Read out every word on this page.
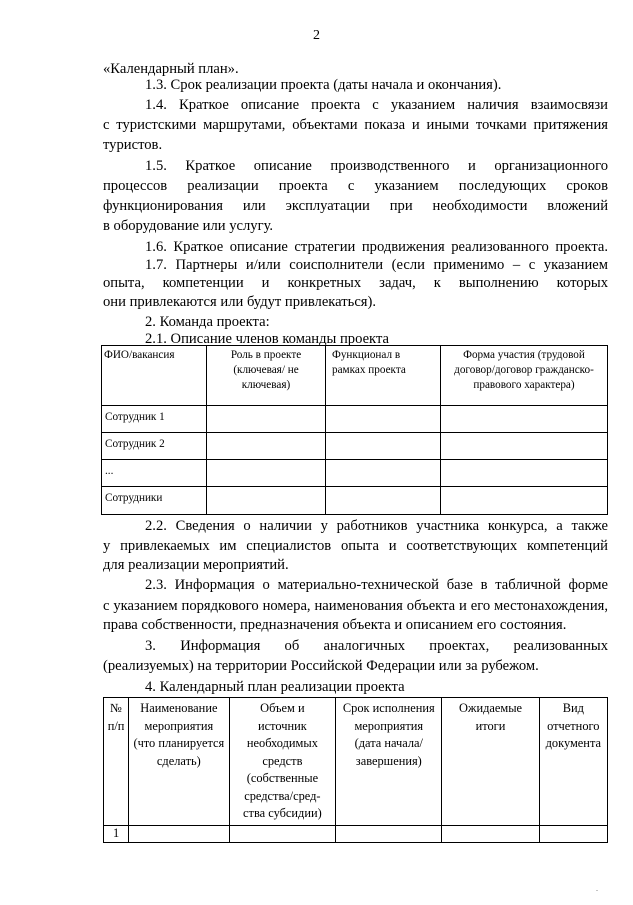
2
«Календарный план».
1.3. Срок реализации проекта (даты начала и окончания).
1.4. Краткое описание проекта с указанием наличия взаимосвязи
с туристскими маршрутами, объектами показа и иными точками притяжения
туристов.
1.5. Краткое описание производственного и организационного
процессов реализации проекта с указанием последующих сроков
функционирования или эксплуатации при необходимости вложений
в оборудование или услугу.
1.6. Краткое описание стратегии продвижения реализованного проекта.
1.7. Партнеры и/или соисполнители (если применимо – с указанием
опыта, компетенции и конкретных задач, к выполнению которых
они привлекаются или будут привлекаться).
2. Команда проекта:
2.1. Описание членов команды проекта
ФИО/вакансия	Роль в проекте (ключевая/ не ключевая)	Функционал в рамках проекта	Форма участия (трудовой договор/договор гражданско-правового характера)
Сотрудник 1			
Сотрудник 2			
...			
Сотрудники			
2.2. Сведения о наличии у работников участника конкурса, а также
у привлекаемых им специалистов опыта и соответствующих компетенций
для реализации мероприятий.
2.3. Информация о материально-технической базе в табличной форме
с указанием порядкового номера, наименования объекта и его местонахождения,
права собственности, предназначения объекта и описанием его состояния.
3. Информация об аналогичных проектах, реализованных
(реализуемых) на территории Российской Федерации или за рубежом.
4. Календарный план реализации проекта
№ п/п	Наименование мероприятия (что планируется сделать)	Объем и источник необходимых средств (собственные средства/сред-ства субсидии)	Срок исполнения мероприятия (дата начала/ завершения)	Ожидаемые итоги	Вид отчетного документа
1					
.
